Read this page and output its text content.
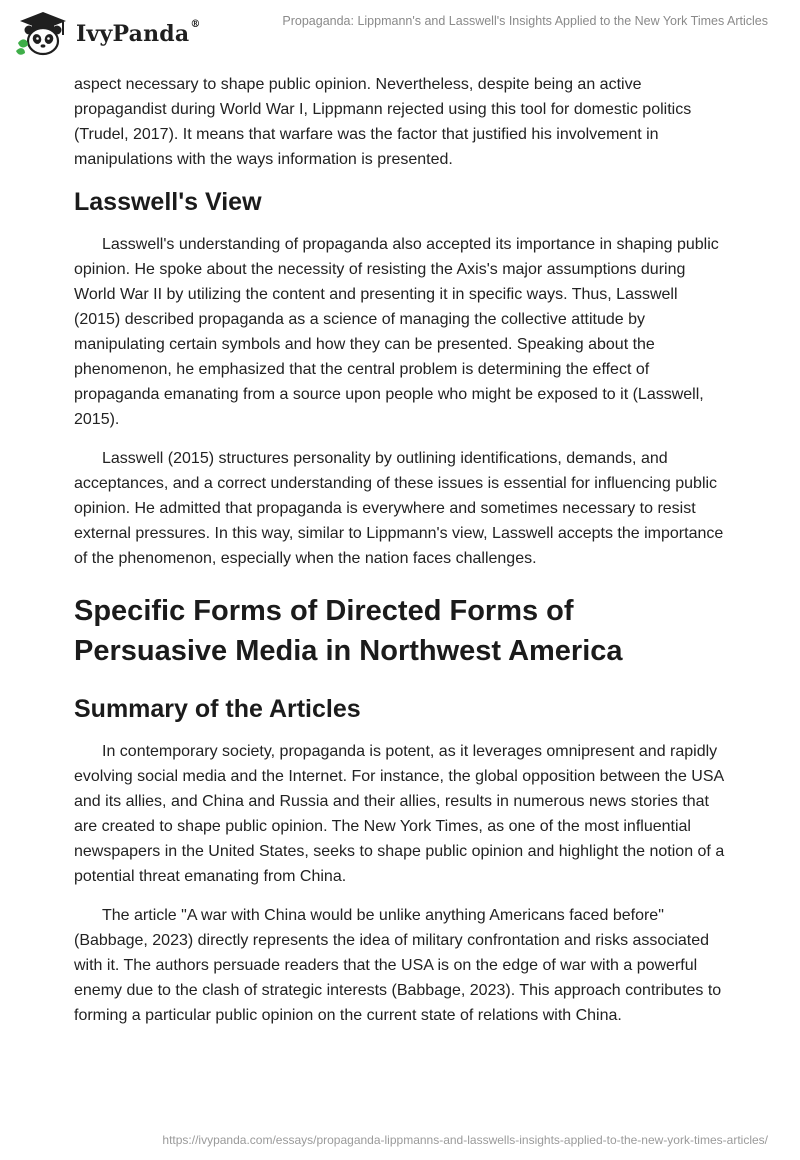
IvyPanda®	Propaganda: Lippmann's and Lasswell's Insights Applied to the New York Times Articles

aspect necessary to shape public opinion. Nevertheless, despite being an active propagandist during World War I, Lippmann rejected using this tool for domestic politics (Trudel, 2017). It means that warfare was the factor that justified his involvement in manipulations with the ways information is presented.

Lasswell's View

Lasswell's understanding of propaganda also accepted its importance in shaping public opinion. He spoke about the necessity of resisting the Axis's major assumptions during World War II by utilizing the content and presenting it in specific ways. Thus, Lasswell (2015) described propaganda as a science of managing the collective attitude by manipulating certain symbols and how they can be presented. Speaking about the phenomenon, he emphasized that the central problem is determining the effect of propaganda emanating from a source upon people who might be exposed to it (Lasswell, 2015).

Lasswell (2015) structures personality by outlining identifications, demands, and acceptances, and a correct understanding of these issues is essential for influencing public opinion. He admitted that propaganda is everywhere and sometimes necessary to resist external pressures. In this way, similar to Lippmann's view, Lasswell accepts the importance of the phenomenon, especially when the nation faces challenges.

Specific Forms of Directed Forms of Persuasive Media in Northwest America
Summary of the Articles

In contemporary society, propaganda is potent, as it leverages omnipresent and rapidly evolving social media and the Internet. For instance, the global opposition between the USA and its allies, and China and Russia and their allies, results in numerous news stories that are created to shape public opinion. The New York Times, as one of the most influential newspapers in the United States, seeks to shape public opinion and highlight the notion of a potential threat emanating from China.

The article "A war with China would be unlike anything Americans faced before" (Babbage, 2023) directly represents the idea of military confrontation and risks associated with it. The authors persuade readers that the USA is on the edge of war with a powerful enemy due to the clash of strategic interests (Babbage, 2023). This approach contributes to forming a particular public opinion on the current state of relations with China.

https://ivypanda.com/essays/propaganda-lippmanns-and-lasswells-insights-applied-to-the-new-york-times-articles/
